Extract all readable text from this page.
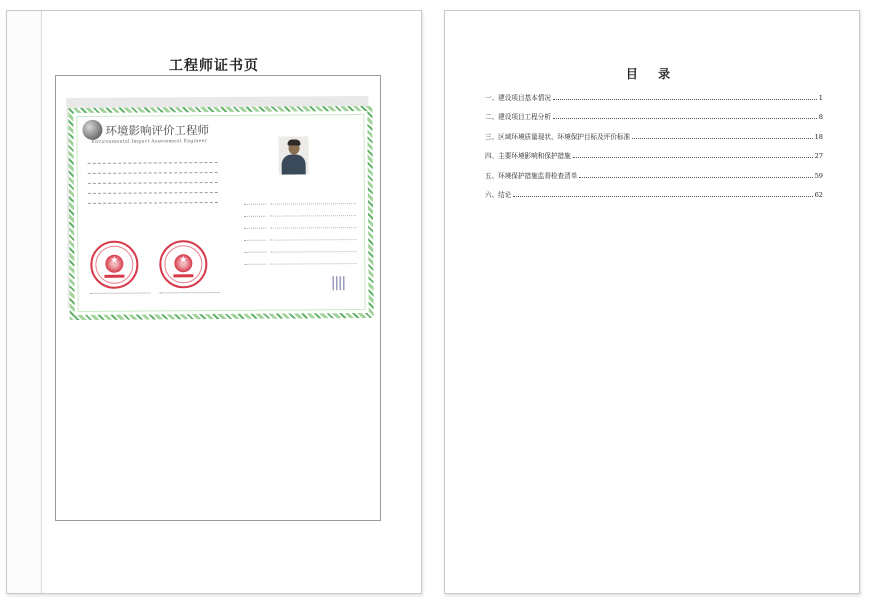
工程师证书页
环境影响评价工程师
Environmental Impact Assessment Engineer
★	★
目 录
一、建设项目基本情况	1
二、建设项目工程分析	8
三、区域环境质量现状、环境保护目标及评价标准	18
四、主要环境影响和保护措施	27
五、环境保护措施监督检查清单	59
六、结论	62
